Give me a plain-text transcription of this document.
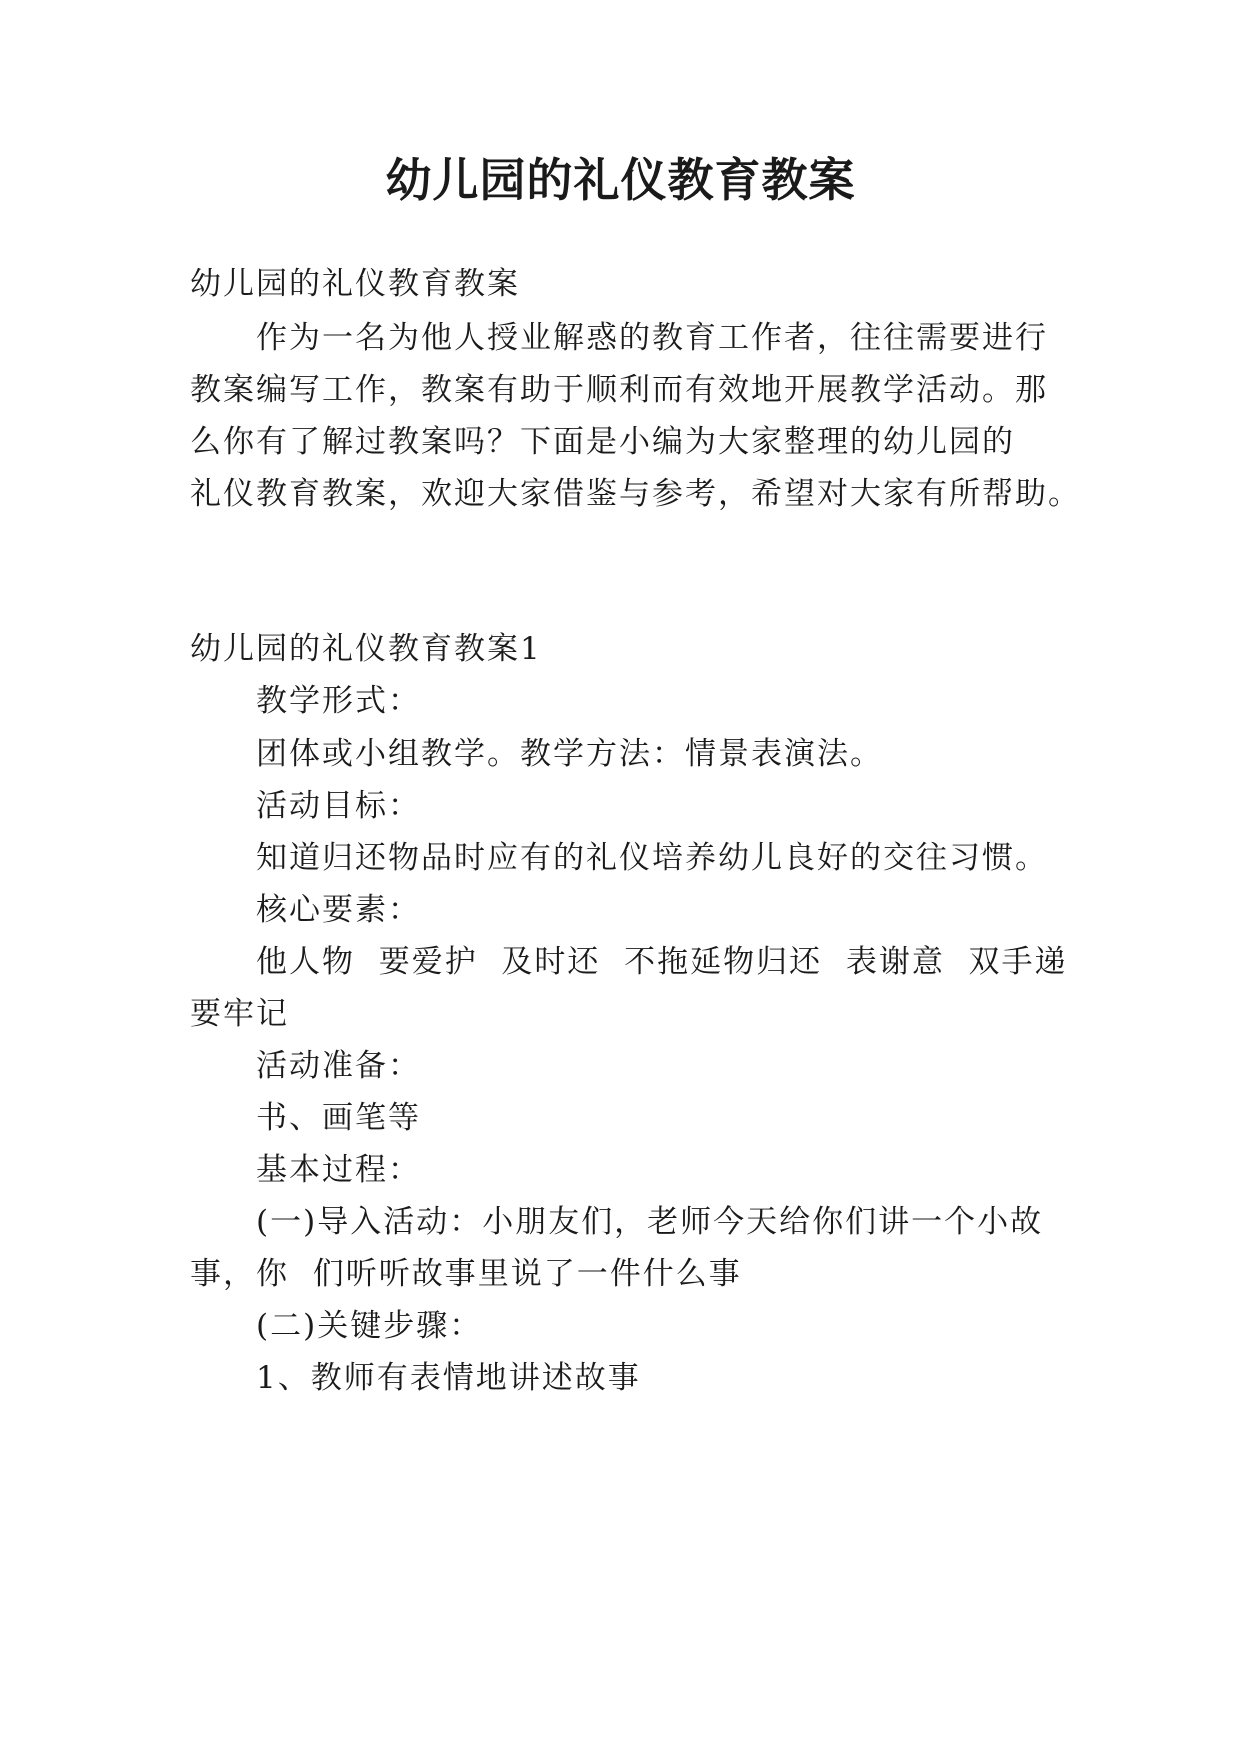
幼儿园的礼仪教育教案
幼儿园的礼仪教育教案
作为一名为他人授业解惑的教育工作者，往往需要进行
教案编写工作，教案有助于顺利而有效地开展教学活动。那
么你有了解过教案吗？下面是小编为大家整理的幼儿园的
礼仪教育教案，欢迎大家借鉴与参考，希望对大家有所帮助。
幼儿园的礼仪教育教案1
教学形式：
团体或小组教学。教学方法：情景表演法。
活动目标：
知道归还物品时应有的礼仪培养幼儿良好的交往习惯。
核心要素：
他人物  要爱护  及时还  不拖延物归还  表谢意  双手递
要牢记
活动准备：
书、画笔等
基本过程：
(一)导入活动：小朋友们，老师今天给你们讲一个小故
事，你  们听听故事里说了一件什么事
(二)关键步骤：
1、教师有表情地讲述故事
